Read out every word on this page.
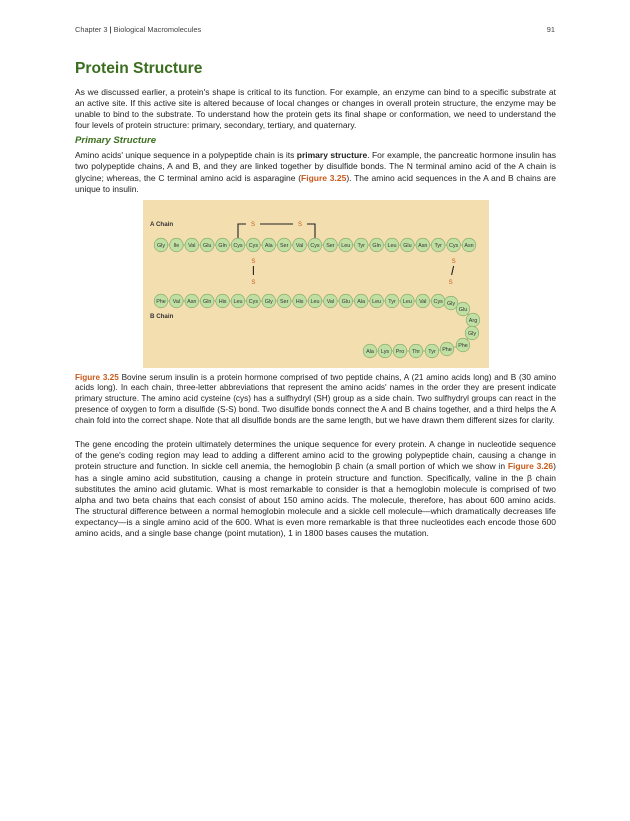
Chapter 3 | Biological Macromolecules	91
Protein Structure

As we discussed earlier, a protein's shape is critical to its function. For example, an enzyme can bind to a specific substrate at an active site. If this active site is altered because of local changes or changes in overall protein structure, the enzyme may be unable to bind to the substrate. To understand how the protein gets its final shape or conformation, we need to understand the four levels of protein structure: primary, secondary, tertiary, and quaternary.

Primary Structure

Amino acids' unique sequence in a polypeptide chain is its primary structure. For example, the pancreatic hormone insulin has two polypeptide chains, A and B, and they are linked together by disulfide bonds. The N terminal amino acid of the A chain is glycine; whereas, the C terminal amino acid is asparagine (Figure 3.25). The amino acid sequences in the A and B chains are unique to insulin.

S	S
S
S
S
S
Gly Ile Val Glu Gln Cys Cys Ala Ser Val Cys Ser Leu Tyr Gln Leu Glu Asn Tyr Cys Asn
Phe Val Asn Gln His Leu Cys Gly Ser His Leu Val Glu Ala Leu Tyr Leu Val Cys Gly
Glu
Arg
Gly
Phe
Phe
Tyr
Thr
Pro
Lys
Ala
A Chain
B Chain
Figure 3.25 Bovine serum insulin is a protein hormone comprised of two peptide chains, A (21 amino acids long) and B (30 amino acids long). In each chain, three-letter abbreviations that represent the amino acids' names in the order they are present indicate primary structure. The amino acid cysteine (cys) has a sulfhydryl (SH) group as a side chain. Two sulfhydryl groups can react in the presence of oxygen to form a disulfide (S-S) bond. Two disulfide bonds connect the A and B chains together, and a third helps the A chain fold into the correct shape. Note that all disulfide bonds are the same length, but we have drawn them different sizes for clarity.

The gene encoding the protein ultimately determines the unique sequence for every protein. A change in nucleotide sequence of the gene's coding region may lead to adding a different amino acid to the growing polypeptide chain, causing a change in protein structure and function. In sickle cell anemia, the hemoglobin β chain (a small portion of which we show in Figure 3.26) has a single amino acid substitution, causing a change in protein structure and function. Specifically, valine in the β chain substitutes the amino acid glutamic. What is most remarkable to consider is that a hemoglobin molecule is comprised of two alpha and two beta chains that each consist of about 150 amino acids. The molecule, therefore, has about 600 amino acids. The structural difference between a normal hemoglobin molecule and a sickle cell molecule—which dramatically decreases life expectancy—is a single amino acid of the 600. What is even more remarkable is that three nucleotides each encode those 600 amino acids, and a single base change (point mutation), 1 in 1800 bases causes the mutation.
